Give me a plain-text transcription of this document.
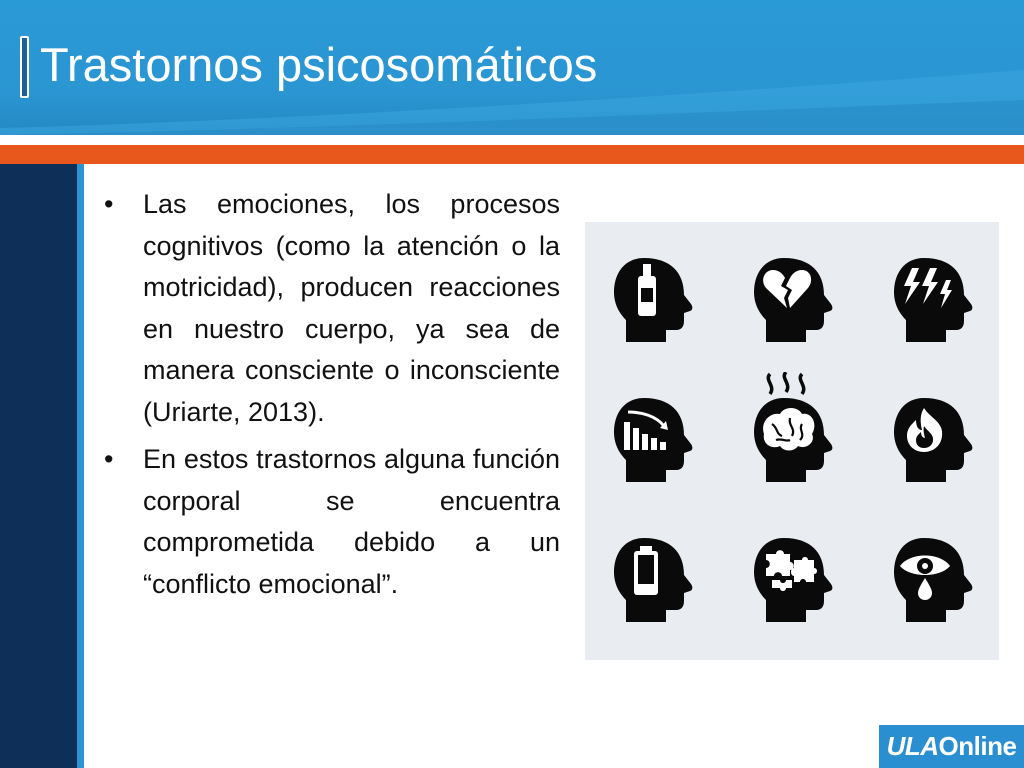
Trastornos psicosomáticos
• Las emociones, los procesos cognitivos (como la atención o la motricidad), producen reacciones en nuestro cuerpo, ya sea de manera consciente o inconsciente (Uriarte, 2013).
• En estos trastornos alguna función corporal se encuentra comprometida debido a un “conflicto emocional”.
ULAOnline
